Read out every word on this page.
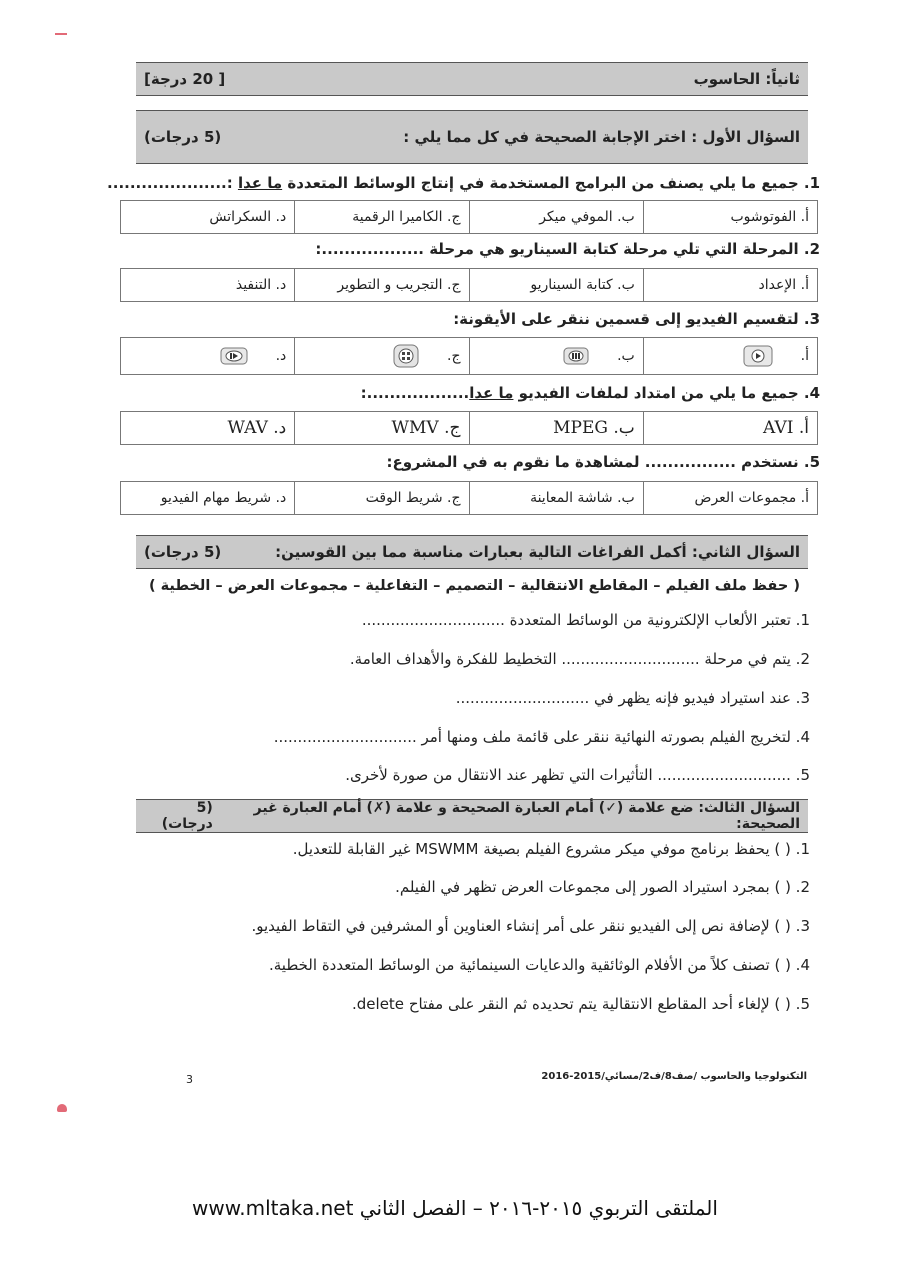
ثانياً: الحاسوب
[ 20 درجة]
السؤال الأول : اختر الإجابة الصحيحة في كل مما يلي :
(5 درجات)
1. جميع ما يلي يصنف من البرامج المستخدمة في إنتاج الوسائط المتعددة ما عدا :.....................
أ. الفوتوشوب
ب. الموفي ميكر
ج. الكاميرا الرقمية
د. السكراتش
2. المرحلة التي تلي مرحلة كتابة السيناريو هي مرحلة ..................:
أ. الإعداد
ب. كتابة السيناريو
ج. التجريب و التطوير
د. التنفيذ
3. لتقسيم الفيديو إلى قسمين ننقر على الأيقونة:
أ.
ب.
ج.
د.
4. جميع ما يلي من امتداد لملفات الفيديو ما عدا..................:
أ. AVI
ب. MPEG
ج. WMV
د. WAV
5. نستخدم ................ لمشاهدة ما نقوم به في المشروع:
أ. مجموعات العرض
ب. شاشة المعاينة
ج. شريط الوقت
د. شريط مهام الفيديو
السؤال الثاني: أكمل الفراغات التالية بعبارات مناسبة مما بين القوسين:
(5 درجات)
( حفظ ملف الفيلم – المقاطع الانتقالية – التصميم – التفاعلية – مجموعات العرض – الخطية )
1. تعتبر الألعاب الإلكترونية من الوسائط المتعددة ..............................
2. يتم في مرحلة ............................. التخطيط للفكرة والأهداف العامة.
3. عند استيراد فيديو فإنه يظهر في ............................
4. لتخريج الفيلم بصورته النهائية ننقر على قائمة ملف ومنها أمر ..............................
5. ............................ التأثيرات التي تظهر عند الانتقال من صورة لأخرى.
السؤال الثالث: ضع علامة (✓) أمام العبارة الصحيحة و علامة (✗) أمام العبارة غير الصحيحة:
(5 درجات)
1. ( ) يحفظ برنامج موفي ميكر مشروع الفيلم بصيغة MSWMM غير القابلة للتعديل.
2. ( ) بمجرد استيراد الصور إلى مجموعات العرض تظهر في الفيلم.
3. ( ) لإضافة نص إلى الفيديو ننقر على أمر إنشاء العناوين أو المشرفين في التقاط الفيديو.
4. ( ) تصنف كلاً من الأفلام الوثائقية والدعايات السينمائية من الوسائط المتعددة الخطية.
5. ( ) لإلغاء أحد المقاطع الانتقالية يتم تحديده ثم النقر على مفتاح delete.
3	التكنولوجيا والحاسوب /صف8/ف2/مسائي/2015-2016
الملتقى التربوي ٢٠١٥-٢٠١٦ – الفصل الثاني www.mltaka.net
